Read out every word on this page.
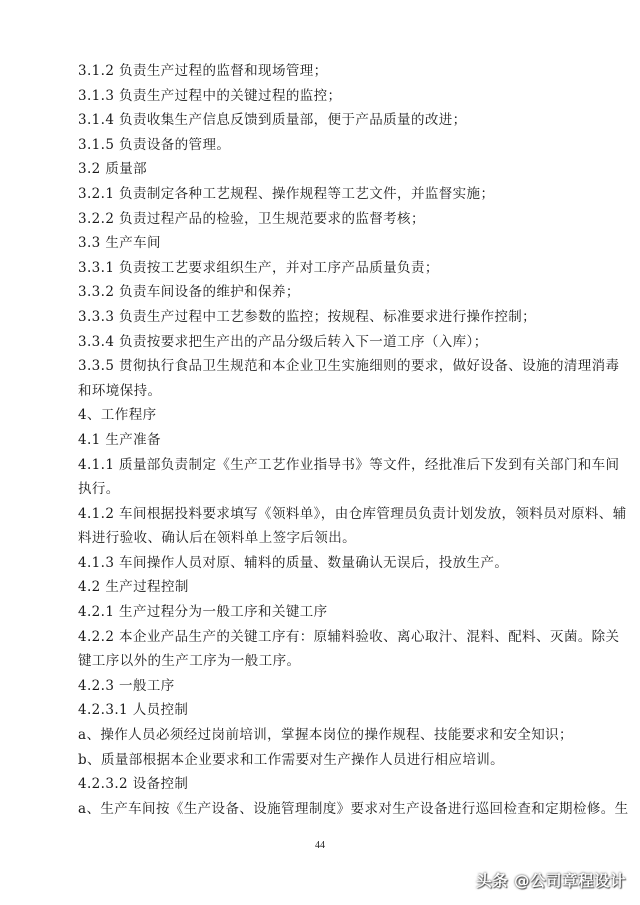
3.1.2 负责生产过程的监督和现场管理；
3.1.3 负责生产过程中的关键过程的监控；
3.1.4 负责收集生产信息反馈到质量部，便于产品质量的改进；
3.1.5 负责设备的管理。
3.2 质量部
3.2.1 负责制定各种工艺规程、操作规程等工艺文件，并监督实施；
3.2.2 负责过程产品的检验，卫生规范要求的监督考核；
3.3 生产车间
3.3.1 负责按工艺要求组织生产，并对工序产品质量负责；
3.3.2 负责车间设备的维护和保养；
3.3.3 负责生产过程中工艺参数的监控；按规程、标准要求进行操作控制；
3.3.4 负责按要求把生产出的产品分级后转入下一道工序（入库）；
3.3.5 贯彻执行食品卫生规范和本企业卫生实施细则的要求，做好设备、设施的清理消毒
和环境保持。
4、工作程序
4.1 生产准备
4.1.1 质量部负责制定《生产工艺作业指导书》等文件，经批准后下发到有关部门和车间
执行。
4.1.2 车间根据投料要求填写《领料单》，由仓库管理员负责计划发放，领料员对原料、辅
料进行验收、确认后在领料单上签字后领出。
4.1.3 车间操作人员对原、辅料的质量、数量确认无误后，投放生产。
4.2 生产过程控制
4.2.1 生产过程分为一般工序和关键工序
4.2.2 本企业产品生产的关键工序有：原辅料验收、离心取汁、混料、配料、灭菌。除关
键工序以外的生产工序为一般工序。
4.2.3 一般工序
4.2.3.1 人员控制
a、操作人员必须经过岗前培训，掌握本岗位的操作规程、技能要求和安全知识；
b、质量部根据本企业要求和工作需要对生产操作人员进行相应培训。
4.2.3.2 设备控制
a、生产车间按《生产设备、设施管理制度》要求对生产设备进行巡回检查和定期检修。生
44
头条 @公司章程设计
